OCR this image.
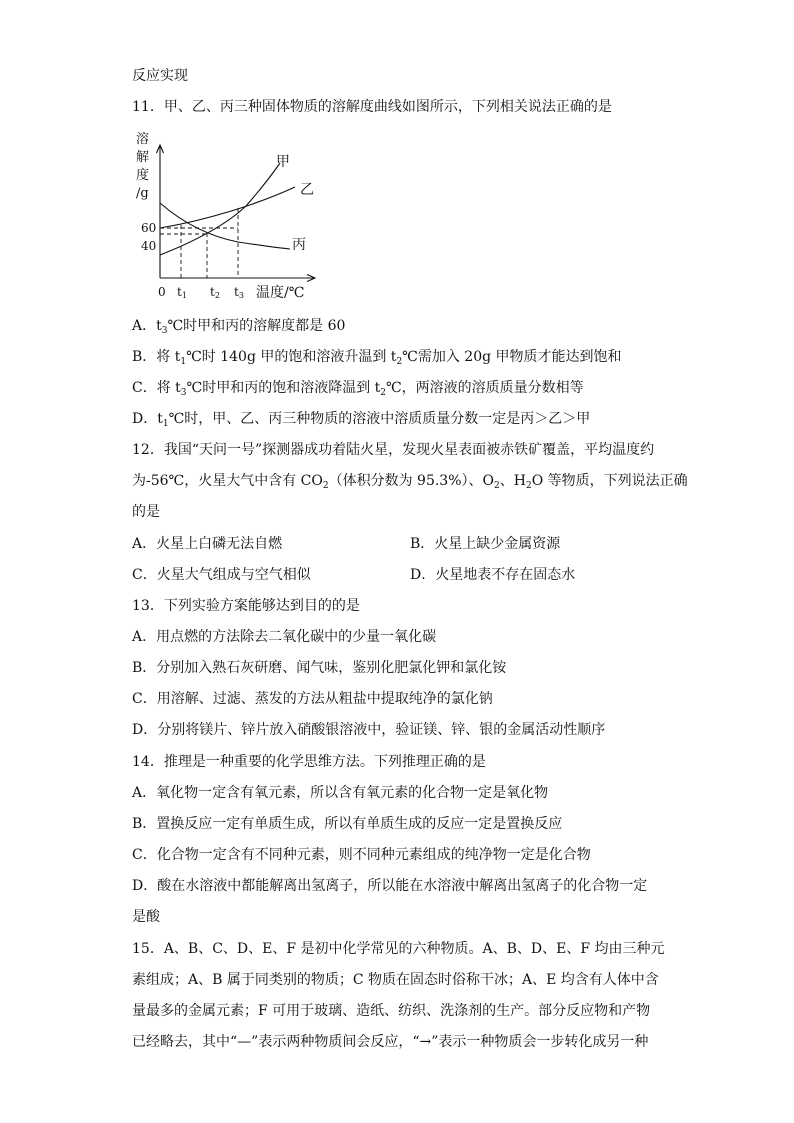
反应实现
11．甲、乙、丙三种固体物质的溶解度曲线如图所示，下列相关说法正确的是
溶
解
度
/g
60
40
甲
乙
丙
0 t1 t2 t3 温度/℃
A．$t_3℃$时甲和丙的溶解度都是 60
B．将 $t_1℃$时 140g 甲的饱和溶液升温到 $t_2℃$需加入 20g 甲物质才能达到饱和
C．将 $t_3℃$时甲和丙的饱和溶液降温到 $t_2℃$，两溶液的溶质质量分数相等
D．$t_1℃$时，甲、乙、丙三种物质的溶液中溶质质量分数一定是丙＞乙＞甲
12．我国“天问一号”探测器成功着陆火星，发现火星表面被赤铁矿覆盖，平均温度约
为-56℃，火星大气中含有 $CO_2$（体积分数为 95.3%）、$O_2$、$H_2O$ 等物质，下列说法正确
的是
A．火星上白磷无法自燃	B．火星上缺少金属资源
C．火星大气组成与空气相似	D．火星地表不存在固态水
13．下列实验方案能够达到目的的是
A．用点燃的方法除去二氧化碳中的少量一氧化碳
B．分别加入熟石灰研磨、闻气味，鉴别化肥氯化钾和氯化铵
C．用溶解、过滤、蒸发的方法从粗盐中提取纯净的氯化钠
D．分别将镁片、锌片放入硝酸银溶液中，验证镁、锌、银的金属活动性顺序
14．推理是一种重要的化学思维方法。下列推理正确的是
A．氧化物一定含有氧元素，所以含有氧元素的化合物一定是氧化物
B．置换反应一定有单质生成，所以有单质生成的反应一定是置换反应
C．化合物一定含有不同种元素，则不同种元素组成的纯净物一定是化合物
D．酸在水溶液中都能解离出氢离子，所以能在水溶液中解离出氢离子的化合物一定
是酸
15．A、B、C、D、E、F 是初中化学常见的六种物质。A、B、D、E、F 均由三种元
素组成；A、B 属于同类别的物质；C 物质在固态时俗称干冰；A、E 均含有人体中含
量最多的金属元素；F 可用于玻璃、造纸、纺织、洗涤剂的生产。部分反应物和产物
已经略去，其中“—”表示两种物质间会反应，“→”表示一种物质会一步转化成另一种
